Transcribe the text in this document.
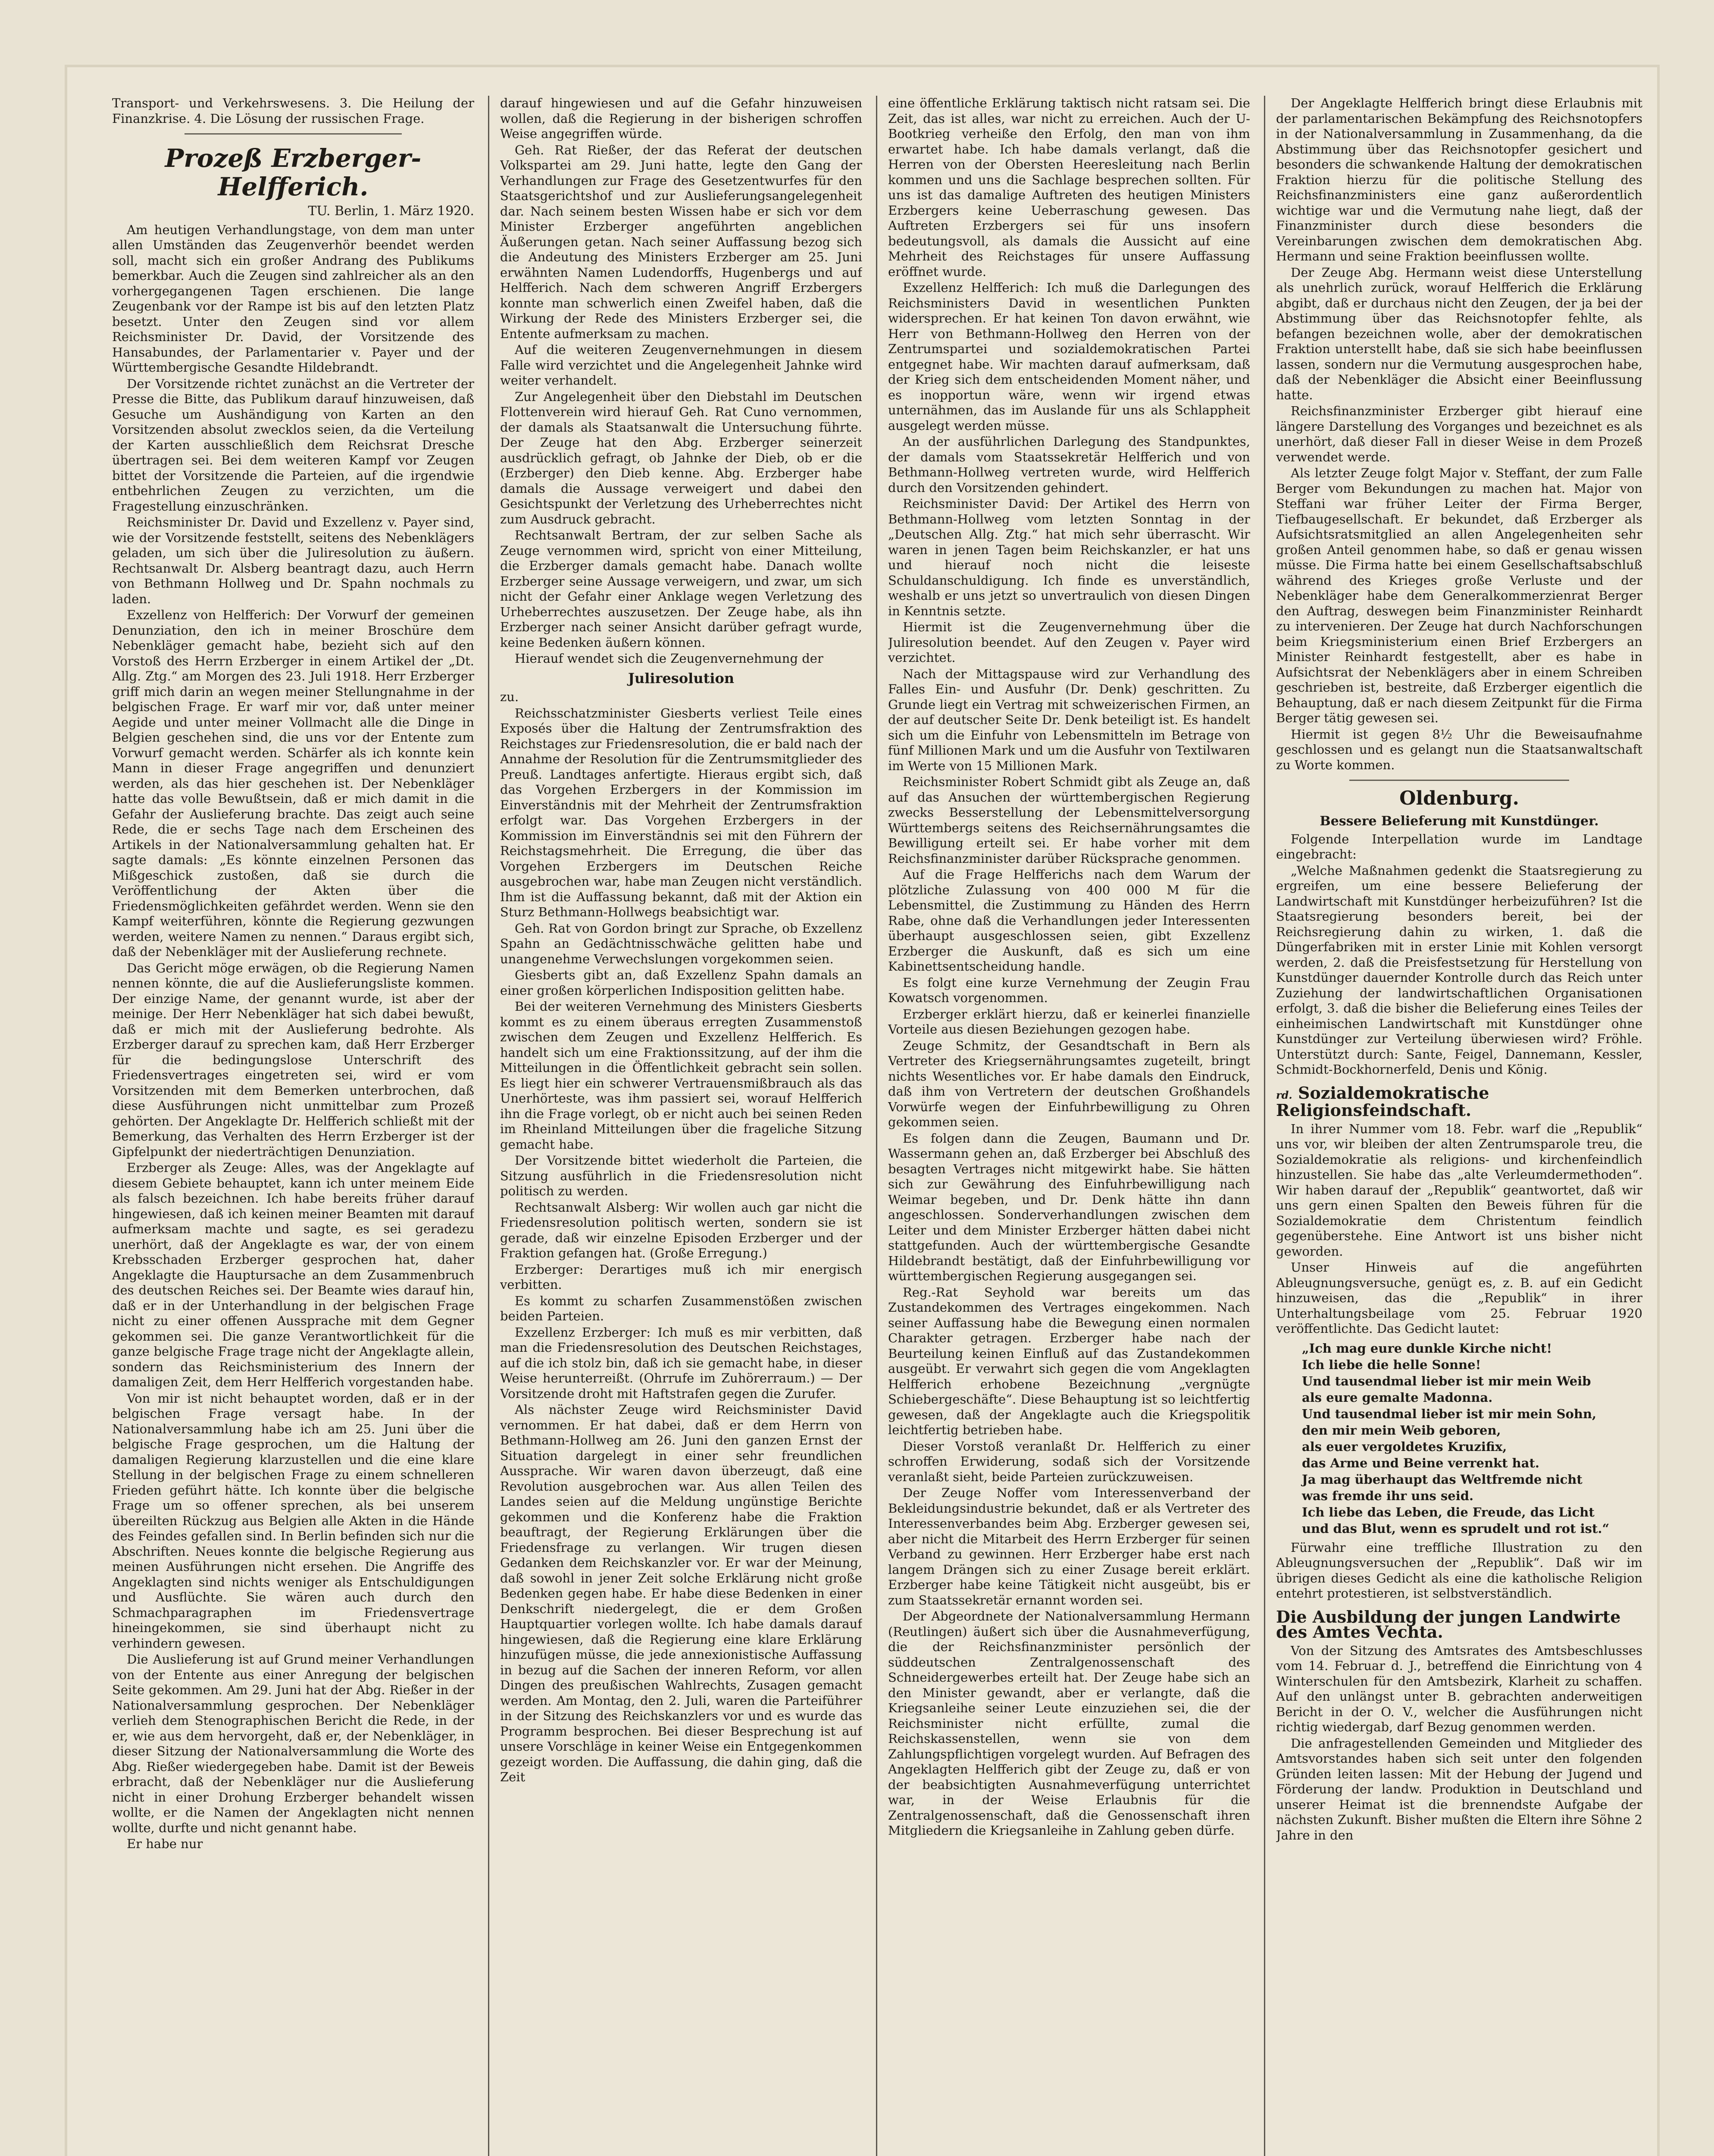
Transport- und Verkehrswesens. 3. Die Heilung der Finanzkrise. 4. Die Lösung der russischen Frage.

Prozeß Erzberger-Helfferich.
TU. Berlin, 1. März 1920.

Am heutigen Verhandlungstage, von dem man unter allen Umständen das Zeugenverhör beendet werden soll, macht sich ein großer Andrang des Publikums bemerkbar. Auch die Zeugen sind zahlreicher als an den vorhergegangenen Tagen erschienen. Die lange Zeugenbank vor der Rampe ist bis auf den letzten Platz besetzt. Unter den Zeugen sind vor allem Reichsminister Dr. David, der Vorsitzende des Hansabundes, der Parlamentarier v. Payer und der Württembergische Gesandte Hildebrandt.

Der Vorsitzende richtet zunächst an die Vertreter der Presse die Bitte, das Publikum darauf hinzuweisen, daß Gesuche um Aushändigung von Karten an den Vorsitzenden absolut zwecklos seien, da die Verteilung der Karten ausschließlich dem Reichsrat Dresche übertragen sei. Bei dem weiteren Kampf vor Zeugen bittet der Vorsitzende die Parteien, auf die irgendwie entbehrlichen Zeugen zu verzichten, um die Fragestellung einzuschränken.

Reichsminister Dr. David und Exzellenz v. Payer sind, wie der Vorsitzende feststellt, seitens des Nebenklägers geladen, um sich über die Juliresolution zu äußern. Rechtsanwalt Dr. Alsberg beantragt dazu, auch Herrn von Bethmann Hollweg und Dr. Spahn nochmals zu laden.

Exzellenz von Helfferich: Der Vorwurf der gemeinen Denunziation, den ich in meiner Broschüre dem Nebenkläger gemacht habe, bezieht sich auf den Vorstoß des Herrn Erzberger in einem Artikel der „Dt. Allg. Ztg.“ am Morgen des 23. Juli 1918. Herr Erzberger griff mich darin an wegen meiner Stellungnahme in der belgischen Frage. Er warf mir vor, daß unter meiner Aegide und unter meiner Vollmacht alle die Dinge in Belgien geschehen sind, die uns vor der Entente zum Vorwurf gemacht werden. Schärfer als ich konnte kein Mann in dieser Frage angegriffen und denunziert werden, als das hier geschehen ist. Der Nebenkläger hatte das volle Bewußtsein, daß er mich damit in die Gefahr der Auslieferung brachte. Das zeigt auch seine Rede, die er sechs Tage nach dem Erscheinen des Artikels in der Nationalversammlung gehalten hat. Er sagte damals: „Es könnte einzelnen Personen das Mißgeschick zustoßen, daß sie durch die Veröffentlichung der Akten über die Friedensmöglichkeiten gefährdet werden. Wenn sie den Kampf weiterführen, könnte die Regierung gezwungen werden, weitere Namen zu nennen.“ Daraus ergibt sich, daß der Nebenkläger mit der Auslieferung rechnete.

Das Gericht möge erwägen, ob die Regierung Namen nennen könnte, die auf die Auslieferungsliste kommen. Der einzige Name, der genannt wurde, ist aber der meinige. Der Herr Nebenkläger hat sich dabei bewußt, daß er mich mit der Auslieferung bedrohte. Als Erzberger darauf zu sprechen kam, daß Herr Erzberger für die bedingungslose Unterschrift des Friedensvertrages eingetreten sei, wird er vom Vorsitzenden mit dem Bemerken unterbrochen, daß diese Ausführungen nicht unmittelbar zum Prozeß gehörten. Der Angeklagte Dr. Helfferich schließt mit der Bemerkung, das Verhalten des Herrn Erzberger ist der Gipfelpunkt der niederträchtigen Denunziation.

Erzberger als Zeuge: Alles, was der Angeklagte auf diesem Gebiete behauptet, kann ich unter meinem Eide als falsch bezeichnen. Ich habe bereits früher darauf hingewiesen, daß ich keinen meiner Beamten mit darauf aufmerksam machte und sagte, es sei geradezu unerhört, daß der Angeklagte es war, der von einem Krebsschaden Erzberger gesprochen hat, daher Angeklagte die Hauptursache an dem Zusammenbruch des deutschen Reiches sei. Der Beamte wies darauf hin, daß er in der Unterhandlung in der belgischen Frage nicht zu einer offenen Aussprache mit dem Gegner gekommen sei. Die ganze Verantwortlichkeit für die ganze belgische Frage trage nicht der Angeklagte allein, sondern das Reichsministerium des Innern der damaligen Zeit, dem Herr Helfferich vorgestanden habe.

Von mir ist nicht behauptet worden, daß er in der belgischen Frage versagt habe. In der Nationalversammlung habe ich am 25. Juni über die belgische Frage gesprochen, um die Haltung der damaligen Regierung klarzustellen und die eine klare Stellung in der belgischen Frage zu einem schnelleren Frieden geführt hätte. Ich konnte über die belgische Frage um so offener sprechen, als bei unserem übereilten Rückzug aus Belgien alle Akten in die Hände des Feindes gefallen sind. In Berlin befinden sich nur die Abschriften. Neues konnte die belgische Regierung aus meinen Ausführungen nicht ersehen. Die Angriffe des Angeklagten sind nichts weniger als Entschuldigungen und Ausflüchte. Sie wären auch durch den Schmachparagraphen im Friedensvertrage hineingekommen, sie sind überhaupt nicht zu verhindern gewesen.

Die Auslieferung ist auf Grund meiner Verhandlungen von der Entente aus einer Anregung der belgischen Seite gekommen. Am 29. Juni hat der Abg. Rießer in der Nationalversammlung gesprochen. Der Nebenkläger verlieh dem Stenographischen Bericht die Rede, in der er, wie aus dem hervorgeht, daß er, der Nebenkläger, in dieser Sitzung der Nationalversammlung die Worte des Abg. Rießer wiedergegeben habe. Damit ist der Beweis erbracht, daß der Nebenkläger nur die Auslieferung nicht in einer Drohung Erzberger behandelt wissen wollte, er die Namen der Angeklagten nicht nennen wollte, durfte und nicht genannt habe.

Er habe nur

darauf hingewiesen und auf die Gefahr hinzuweisen wollen, daß die Regierung in der bisherigen schroffen Weise angegriffen würde.

Geh. Rat Rießer, der das Referat der deutschen Volkspartei am 29. Juni hatte, legte den Gang der Verhandlungen zur Frage des Gesetzentwurfes für den Staatsgerichtshof und zur Auslieferungsangelegenheit dar. Nach seinem besten Wissen habe er sich vor dem Minister Erzberger angeführten angeblichen Äußerungen getan. Nach seiner Auffassung bezog sich die Andeutung des Ministers Erzberger am 25. Juni erwähnten Namen Ludendorffs, Hugenbergs und auf Helfferich. Nach dem schweren Angriff Erzbergers konnte man schwerlich einen Zweifel haben, daß die Wirkung der Rede des Ministers Erzberger sei, die Entente aufmerksam zu machen.

Auf die weiteren Zeugenvernehmungen in diesem Falle wird verzichtet und die Angelegenheit Jahnke wird weiter verhandelt.

Zur Angelegenheit über den Diebstahl im Deutschen Flottenverein wird hierauf Geh. Rat Cuno vernommen, der damals als Staatsanwalt die Untersuchung führte. Der Zeuge hat den Abg. Erzberger seinerzeit ausdrücklich gefragt, ob Jahnke der Dieb, ob er die (Erzberger) den Dieb kenne. Abg. Erzberger habe damals die Aussage verweigert und dabei den Gesichtspunkt der Verletzung des Urheberrechtes nicht zum Ausdruck gebracht.

Rechtsanwalt Bertram, der zur selben Sache als Zeuge vernommen wird, spricht von einer Mitteilung, die Erzberger damals gemacht habe. Danach wollte Erzberger seine Aussage verweigern, und zwar, um sich nicht der Gefahr einer Anklage wegen Verletzung des Urheberrechtes auszusetzen. Der Zeuge habe, als ihn Erzberger nach seiner Ansicht darüber gefragt wurde, keine Bedenken äußern können.

Hierauf wendet sich die Zeugenvernehmung der

Juliresolution

zu.

Reichsschatzminister Giesberts verliest Teile eines Exposés über die Haltung der Zentrumsfraktion des Reichstages zur Friedensresolution, die er bald nach der Annahme der Resolution für die Zentrumsmitglieder des Preuß. Landtages anfertigte. Hieraus ergibt sich, daß das Vorgehen Erzbergers in der Kommission im Einverständnis mit der Mehrheit der Zentrumsfraktion erfolgt war. Das Vorgehen Erzbergers in der Kommission im Einverständnis sei mit den Führern der Reichstagsmehrheit. Die Erregung, die über das Vorgehen Erzbergers im Deutschen Reiche ausgebrochen war, habe man Zeugen nicht verständlich. Ihm ist die Auffassung bekannt, daß mit der Aktion ein Sturz Bethmann-Hollwegs beabsichtigt war.

Geh. Rat von Gordon bringt zur Sprache, ob Exzellenz Spahn an Gedächtnisschwäche gelitten habe und unangenehme Verwechslungen vorgekommen seien.

Giesberts gibt an, daß Exzellenz Spahn damals an einer großen körperlichen Indisposition gelitten habe.

Bei der weiteren Vernehmung des Ministers Giesberts kommt es zu einem überaus erregten Zusammenstoß zwischen dem Zeugen und Exzellenz Helfferich. Es handelt sich um eine Fraktionssitzung, auf der ihm die Mitteilungen in die Öffentlichkeit gebracht sein sollen. Es liegt hier ein schwerer Vertrauensmißbrauch als das Unerhörteste, was ihm passiert sei, worauf Helfferich ihn die Frage vorlegt, ob er nicht auch bei seinen Reden im Rheinland Mitteilungen über die frageliche Sitzung gemacht habe.

Der Vorsitzende bittet wiederholt die Parteien, die Sitzung ausführlich in die Friedensresolution nicht politisch zu werden.

Rechtsanwalt Alsberg: Wir wollen auch gar nicht die Friedensresolution politisch werten, sondern sie ist gerade, daß wir einzelne Episoden Erzberger und der Fraktion gefangen hat. (Große Erregung.)

Erzberger: Derartiges muß ich mir energisch verbitten.

Es kommt zu scharfen Zusammenstößen zwischen beiden Parteien.

Exzellenz Erzberger: Ich muß es mir verbitten, daß man die Friedensresolution des Deutschen Reichstages, auf die ich stolz bin, daß ich sie gemacht habe, in dieser Weise herunterreißt. (Ohrrufe im Zuhörerraum.) — Der Vorsitzende droht mit Haftstrafen gegen die Zurufer.

Als nächster Zeuge wird Reichsminister David vernommen. Er hat dabei, daß er dem Herrn von Bethmann-Hollweg am 26. Juni den ganzen Ernst der Situation dargelegt in einer sehr freundlichen Aussprache. Wir waren davon überzeugt, daß eine Revolution ausgebrochen war. Aus allen Teilen des Landes seien auf die Meldung ungünstige Berichte gekommen und die Konferenz habe die Fraktion beauftragt, der Regierung Erklärungen über die Friedensfrage zu verlangen. Wir trugen diesen Gedanken dem Reichskanzler vor. Er war der Meinung, daß sowohl in jener Zeit solche Erklärung nicht große Bedenken gegen habe. Er habe diese Bedenken in einer Denkschrift niedergelegt, die er dem Großen Hauptquartier vorlegen wollte. Ich habe damals darauf hingewiesen, daß die Regierung eine klare Erklärung hinzufügen müsse, die jede annexionistische Auffassung in bezug auf die Sachen der inneren Reform, vor allen Dingen des preußischen Wahlrechts, Zusagen gemacht werden. Am Montag, den 2. Juli, waren die Parteiführer in der Sitzung des Reichskanzlers vor und es wurde das Programm besprochen. Bei dieser Besprechung ist auf unsere Vorschläge in keiner Weise ein Entgegenkommen gezeigt worden. Die Auffassung, die dahin ging, daß die Zeit

eine öffentliche Erklärung taktisch nicht ratsam sei. Die Zeit, das ist alles, war nicht zu erreichen. Auch der U-Bootkrieg verheiße den Erfolg, den man von ihm erwartet habe. Ich habe damals verlangt, daß die Herren von der Obersten Heeresleitung nach Berlin kommen und uns die Sachlage besprechen sollten. Für uns ist das damalige Auftreten des heutigen Ministers Erzbergers keine Ueberraschung gewesen. Das Auftreten Erzbergers sei für uns insofern bedeutungsvoll, als damals die Aussicht auf eine Mehrheit des Reichstages für unsere Auffassung eröffnet wurde.

Exzellenz Helfferich: Ich muß die Darlegungen des Reichsministers David in wesentlichen Punkten widersprechen. Er hat keinen Ton davon erwähnt, wie Herr von Bethmann-Hollweg den Herren von der Zentrumspartei und sozialdemokratischen Partei entgegnet habe. Wir machten darauf aufmerksam, daß der Krieg sich dem entscheidenden Moment näher, und es inopportun wäre, wenn wir irgend etwas unternähmen, das im Auslande für uns als Schlappheit ausgelegt werden müsse.

An der ausführlichen Darlegung des Standpunktes, der damals vom Staatssekretär Helfferich und von Bethmann-Hollweg vertreten wurde, wird Helfferich durch den Vorsitzenden gehindert.

Reichsminister David: Der Artikel des Herrn von Bethmann-Hollweg vom letzten Sonntag in der „Deutschen Allg. Ztg.“ hat mich sehr überrascht. Wir waren in jenen Tagen beim Reichskanzler, er hat uns und hierauf noch nicht die leiseste Schuldanschuldigung. Ich finde es unverständlich, weshalb er uns jetzt so unvertraulich von diesen Dingen in Kenntnis setzte.

Hiermit ist die Zeugenvernehmung über die Juliresolution beendet. Auf den Zeugen v. Payer wird verzichtet.

Nach der Mittagspause wird zur Verhandlung des Falles Ein- und Ausfuhr (Dr. Denk) geschritten. Zu Grunde liegt ein Vertrag mit schweizerischen Firmen, an der auf deutscher Seite Dr. Denk beteiligt ist. Es handelt sich um die Einfuhr von Lebensmitteln im Betrage von fünf Millionen Mark und um die Ausfuhr von Textilwaren im Werte von 15 Millionen Mark.

Reichsminister Robert Schmidt gibt als Zeuge an, daß auf das Ansuchen der württembergischen Regierung zwecks Besserstellung der Lebensmittelversorgung Württembergs seitens des Reichsernährungsamtes die Bewilligung erteilt sei. Er habe vorher mit dem Reichsfinanzminister darüber Rücksprache genommen.

Auf die Frage Helfferichs nach dem Warum der plötzliche Zulassung von 400 000 M für die Lebensmittel, die Zustimmung zu Händen des Herrn Rabe, ohne daß die Verhandlungen jeder Interessenten überhaupt ausgeschlossen seien, gibt Exzellenz Erzberger die Auskunft, daß es sich um eine Kabinettsentscheidung handle.

Es folgt eine kurze Vernehmung der Zeugin Frau Kowatsch vorgenommen.

Erzberger erklärt hierzu, daß er keinerlei finanzielle Vorteile aus diesen Beziehungen gezogen habe.

Zeuge Schmitz, der Gesandtschaft in Bern als Vertreter des Kriegsernährungsamtes zugeteilt, bringt nichts Wesentliches vor. Er habe damals den Eindruck, daß ihm von Vertretern der deutschen Großhandels Vorwürfe wegen der Einfuhrbewilligung zu Ohren gekommen seien.

Es folgen dann die Zeugen, Baumann und Dr. Wassermann gehen an, daß Erzberger bei Abschluß des besagten Vertrages nicht mitgewirkt habe. Sie hätten sich zur Gewährung des Einfuhrbewilligung nach Weimar begeben, und Dr. Denk hätte ihn dann angeschlossen. Sonderverhandlungen zwischen dem Leiter und dem Minister Erzberger hätten dabei nicht stattgefunden. Auch der württembergische Gesandte Hildebrandt bestätigt, daß der Einfuhrbewilligung vor württembergischen Regierung ausgegangen sei.

Reg.-Rat Seyhold war bereits um das Zustandekommen des Vertrages eingekommen. Nach seiner Auffassung habe die Bewegung einen normalen Charakter getragen. Erzberger habe nach der Beurteilung keinen Einfluß auf das Zustandekommen ausgeübt. Er verwahrt sich gegen die vom Angeklagten Helfferich erhobene Bezeichnung „vergnügte Schiebergeschäfte“. Diese Behauptung ist so leichtfertig gewesen, daß der Angeklagte auch die Kriegspolitik leichtfertig betrieben habe.

Dieser Vorstoß veranlaßt Dr. Helfferich zu einer schroffen Erwiderung, sodaß sich der Vorsitzende veranlaßt sieht, beide Parteien zurückzuweisen.

Der Zeuge Noffer vom Interessenverband der Bekleidungsindustrie bekundet, daß er als Vertreter des Interessenverbandes beim Abg. Erzberger gewesen sei, aber nicht die Mitarbeit des Herrn Erzberger für seinen Verband zu gewinnen. Herr Erzberger habe erst nach langem Drängen sich zu einer Zusage bereit erklärt. Erzberger habe keine Tätigkeit nicht ausgeübt, bis er zum Staatssekretär ernannt worden sei.

Der Abgeordnete der Nationalversammlung Hermann (Reutlingen) äußert sich über die Ausnahmeverfügung, die der Reichsfinanzminister persönlich der süddeutschen Zentralgenossenschaft des Schneidergewerbes erteilt hat. Der Zeuge habe sich an den Minister gewandt, aber er verlangte, daß die Kriegsanleihe seiner Leute einzuziehen sei, die der Reichsminister nicht erfüllte, zumal die Reichskassenstellen, wenn sie von dem Zahlungspflichtigen vorgelegt wurden. Auf Befragen des Angeklagten Helfferich gibt der Zeuge zu, daß er von der beabsichtigten Ausnahmeverfügung unterrichtet war, in der Weise Erlaubnis für die Zentralgenossenschaft, daß die Genossenschaft ihren Mitgliedern die Kriegsanleihe in Zahlung geben dürfe.

Der Angeklagte Helfferich bringt diese Erlaubnis mit der parlamentarischen Bekämpfung des Reichsnotopfers in der Nationalversammlung in Zusammenhang, da die Abstimmung über das Reichsnotopfer gesichert und besonders die schwankende Haltung der demokratischen Fraktion hierzu für die politische Stellung des Reichsfinanzministers eine ganz außerordentlich wichtige war und die Vermutung nahe liegt, daß der Finanzminister durch diese besonders die Vereinbarungen zwischen dem demokratischen Abg. Hermann und seine Fraktion beeinflussen wollte.

Der Zeuge Abg. Hermann weist diese Unterstellung als unehrlich zurück, worauf Helfferich die Erklärung abgibt, daß er durchaus nicht den Zeugen, der ja bei der Abstimmung über das Reichsnotopfer fehlte, als befangen bezeichnen wolle, aber der demokratischen Fraktion unterstellt habe, daß sie sich habe beeinflussen lassen, sondern nur die Vermutung ausgesprochen habe, daß der Nebenkläger die Absicht einer Beeinflussung hatte.

Reichsfinanzminister Erzberger gibt hierauf eine längere Darstellung des Vorganges und bezeichnet es als unerhört, daß dieser Fall in dieser Weise in dem Prozeß verwendet werde.

Als letzter Zeuge folgt Major v. Steffant, der zum Falle Berger vom Bekundungen zu machen hat. Major von Steffani war früher Leiter der Firma Berger, Tiefbaugesellschaft. Er bekundet, daß Erzberger als Aufsichtsratsmitglied an allen Angelegenheiten sehr großen Anteil genommen habe, so daß er genau wissen müsse. Die Firma hatte bei einem Gesellschaftsabschluß während des Krieges große Verluste und der Nebenkläger habe dem Generalkommerzienrat Berger den Auftrag, deswegen beim Finanzminister Reinhardt zu intervenieren. Der Zeuge hat durch Nachforschungen beim Kriegsministerium einen Brief Erzbergers an Minister Reinhardt festgestellt, aber es habe in Aufsichtsrat der Nebenklägers aber in einem Schreiben geschrieben ist, bestreite, daß Erzberger eigentlich die Behauptung, daß er nach diesem Zeitpunkt für die Firma Berger tätig gewesen sei.

Hiermit ist gegen 8½ Uhr die Beweisaufnahme geschlossen und es gelangt nun die Staatsanwaltschaft zu Worte kommen.

Oldenburg.
Bessere Belieferung mit Kunstdünger.

Folgende Interpellation wurde im Landtage eingebracht:

„Welche Maßnahmen gedenkt die Staatsregierung zu ergreifen, um eine bessere Belieferung der Landwirtschaft mit Kunstdünger herbeizuführen? Ist die Staatsregierung besonders bereit, bei der Reichsregierung dahin zu wirken, 1. daß die Düngerfabriken mit in erster Linie mit Kohlen versorgt werden, 2. daß die Preisfestsetzung für Herstellung von Kunstdünger dauernder Kontrolle durch das Reich unter Zuziehung der landwirtschaftlichen Organisationen erfolgt, 3. daß die bisher die Belieferung eines Teiles der einheimischen Landwirtschaft mit Kunstdünger ohne Kunstdünger zur Verteilung überwiesen wird? Fröhle. Unterstützt durch: Sante, Feigel, Dannemann, Kessler, Schmidt-Bockhornerfeld, Denis und König.

rd. Sozialdemokratische Religionsfeindschaft.

In ihrer Nummer vom 18. Febr. warf die „Republik“ uns vor, wir bleiben der alten Zentrumsparole treu, die Sozialdemokratie als religions- und kirchenfeindlich hinzustellen. Sie habe das „alte Verleumdermethoden“. Wir haben darauf der „Republik“ geantwortet, daß wir uns gern einen Spalten den Beweis führen für die Sozialdemokratie dem Christentum feindlich gegenüberstehe. Eine Antwort ist uns bisher nicht geworden.

Unser Hinweis auf die angeführten Ableugnungsversuche, genügt es, z. B. auf ein Gedicht hinzuweisen, das die „Republik“ in ihrer Unterhaltungsbeilage vom 25. Februar 1920 veröffentlichte. Das Gedicht lautet:

„Ich mag eure dunkle Kirche nicht!
Ich liebe die helle Sonne!
Und tausendmal lieber ist mir mein Weib
als eure gemalte Madonna.
Und tausendmal lieber ist mir mein Sohn,
den mir mein Weib geboren,
als euer vergoldetes Kruzifix,
das Arme und Beine verrenkt hat.
Ja mag überhaupt das Weltfremde nicht
was fremde ihr uns seid.
Ich liebe das Leben, die Freude, das Licht
und das Blut, wenn es sprudelt und rot ist.“

Fürwahr eine treffliche Illustration zu den Ableugnungsversuchen der „Republik“. Daß wir im übrigen dieses Gedicht als eine die katholische Religion entehrt protestieren, ist selbstverständlich.

Die Ausbildung der jungen Landwirte des Amtes Vechta.

Von der Sitzung des Amtsrates des Amtsbeschlusses vom 14. Februar d. J., betreffend die Einrichtung von 4 Winterschulen für den Amtsbezirk, Klarheit zu schaffen. Auf den unlängst unter B. gebrachten anderweitigen Bericht in der O. V., welcher die Ausführungen nicht richtig wiedergab, darf Bezug genommen werden.

Die anfragestellenden Gemeinden und Mitglieder des Amtsvorstandes haben sich seit unter den folgenden Gründen leiten lassen: Mit der Hebung der Jugend und Förderung der landw. Produktion in Deutschland und unserer Heimat ist die brennendste Aufgabe der nächsten Zukunft. Bisher mußten die Eltern ihre Söhne 2 Jahre in den
